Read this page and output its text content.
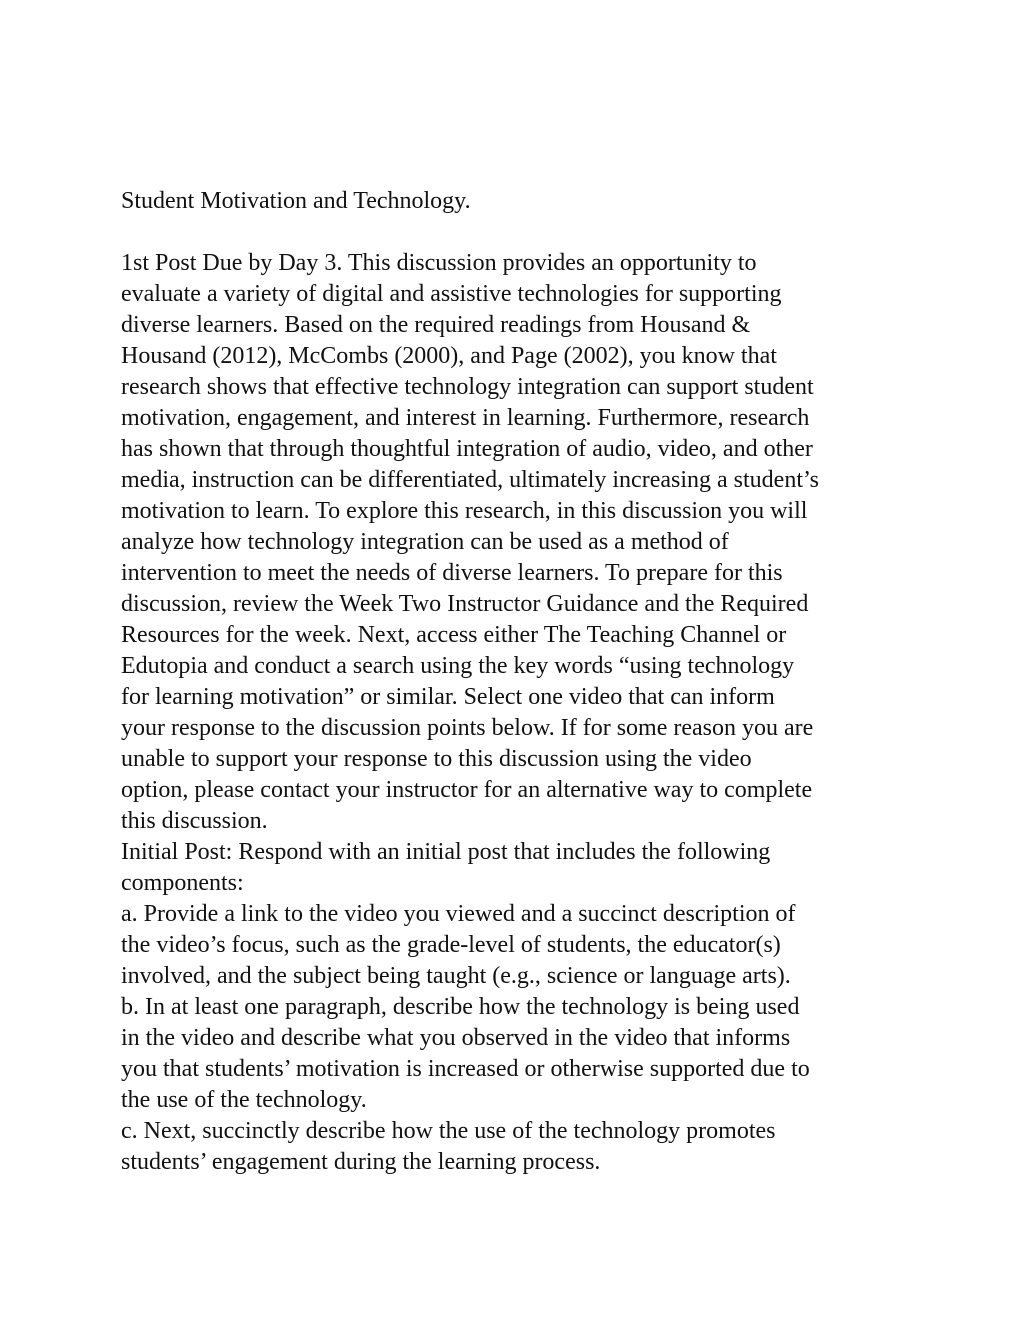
Student Motivation and Technology.
1st Post Due by Day 3. This discussion provides an opportunity to
evaluate a variety of digital and assistive technologies for supporting
diverse learners. Based on the required readings from Housand &
Housand (2012), McCombs (2000), and Page (2002), you know that
research shows that effective technology integration can support student
motivation, engagement, and interest in learning. Furthermore, research
has shown that through thoughtful integration of audio, video, and other
media, instruction can be differentiated, ultimately increasing a student’s
motivation to learn. To explore this research, in this discussion you will
analyze how technology integration can be used as a method of
intervention to meet the needs of diverse learners. To prepare for this
discussion, review the Week Two Instructor Guidance and the Required
Resources for the week. Next, access either The Teaching Channel or
Edutopia and conduct a search using the key words “using technology
for learning motivation” or similar. Select one video that can inform
your response to the discussion points below. If for some reason you are
unable to support your response to this discussion using the video
option, please contact your instructor for an alternative way to complete
this discussion.
Initial Post: Respond with an initial post that includes the following
components:
a. Provide a link to the video you viewed and a succinct description of
the video’s focus, such as the grade-level of students, the educator(s)
involved, and the subject being taught (e.g., science or language arts).
b. In at least one paragraph, describe how the technology is being used
in the video and describe what you observed in the video that informs
you that students’ motivation is increased or otherwise supported due to
the use of the technology.
c. Next, succinctly describe how the use of the technology promotes
students’ engagement during the learning process.
